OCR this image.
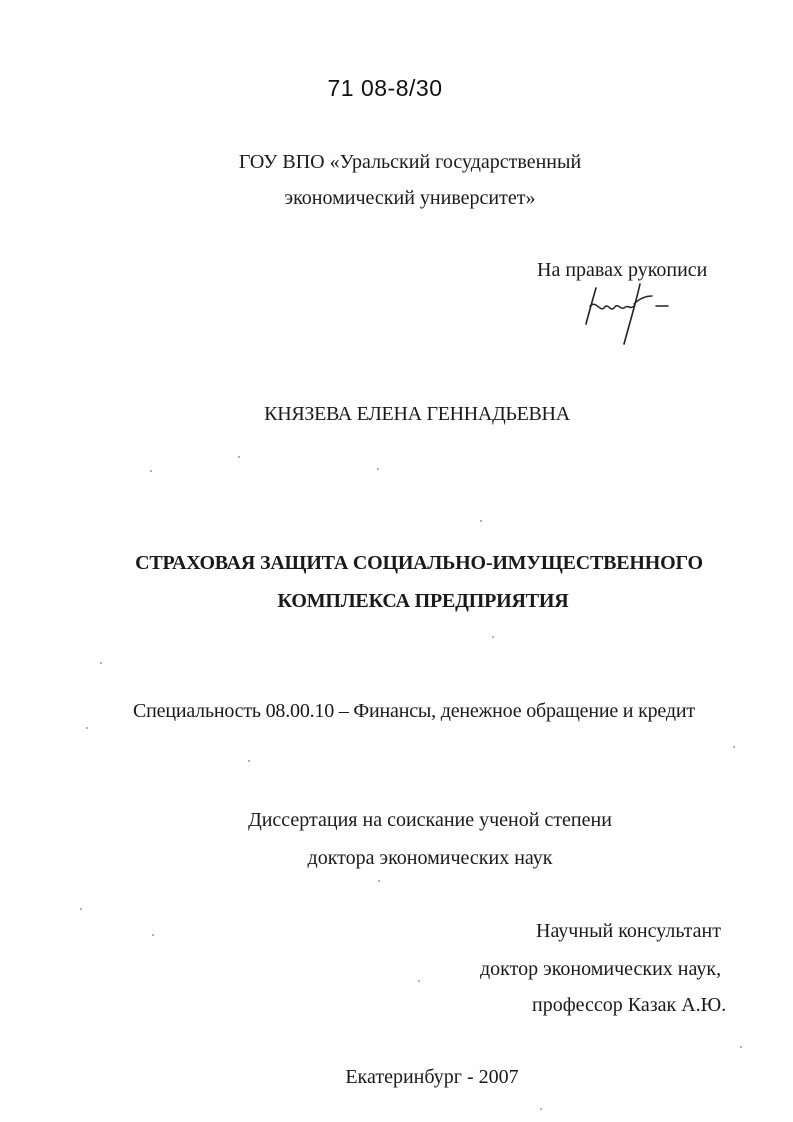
71 08-8/30
ГОУ ВПО «Уральский государственный
экономический университет»
На правах рукописи
КНЯЗЕВА ЕЛЕНА ГЕННАДЬЕВНА
СТРАХОВАЯ ЗАЩИТА СОЦИАЛЬНО-ИМУЩЕСТВЕННОГО
КОМПЛЕКСА ПРЕДПРИЯТИЯ
Специальность 08.00.10 – Финансы, денежное обращение и кредит
Диссертация на соискание ученой степени
доктора экономических наук
Научный консультант
доктор экономических наук,
профессор Казак А.Ю.
Екатеринбург - 2007
